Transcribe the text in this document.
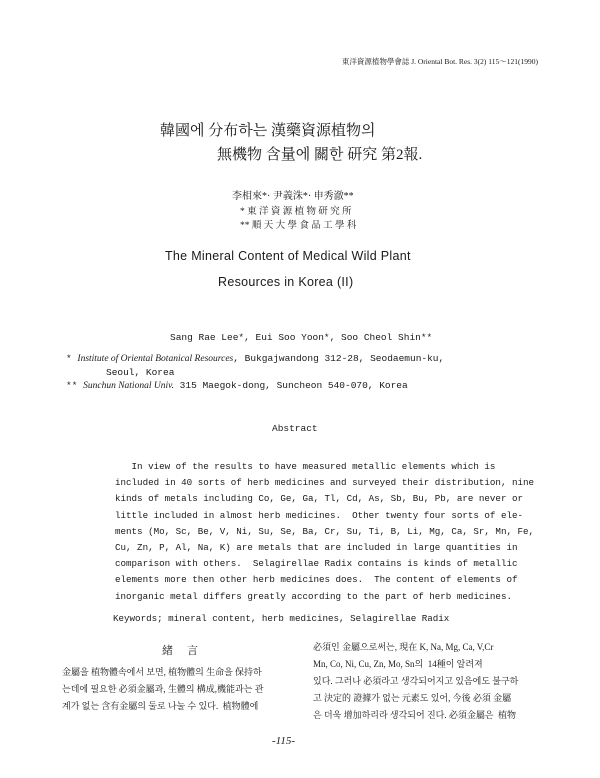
東洋資源植物學會誌 J. Oriental Bot. Res. 3(2) 115～121(1990)
韓國에 分布하는 漢藥資源植物의
無機物 含量에 關한 研究 第2報.
李相來*· 尹義洙*· 申秀澈**
* 東 洋 資 源 植 物 研 究 所
** 順 天 大 學 食 品 工 學 科
The Mineral Content of Medical Wild Plant
Resources in Korea (II)
Sang Rae Lee*, Eui Soo Yoon*, Soo Cheol Shin**
* Institute of Oriental Botanical Resources, Bukgajwandong 312-28, Seodaemun-ku,
Seoul, Korea
** Sunchun National Univ. 315 Maegok-dong, Suncheon 540-070, Korea
Abstract
In view of the results to have measured metallic elements which is
included in 40 sorts of herb medicines and surveyed their distribution, nine
kinds of metals including Co, Ge, Ga, Tl, Cd, As, Sb, Bu, Pb, are never or
little included in almost herb medicines.  Other twenty four sorts of ele-
ments (Mo, Sc, Be, V, Ni, Su, Se, Ba, Cr, Su, Ti, B, Li, Mg, Ca, Sr, Mn, Fe,
Cu, Zn, P, Al, Na, K) are metals that are included in large quantities in
comparison with others.  Selagirellae Radix contains is kinds of metallic
elements more then other herb medicines does.  The content of elements of
inorganic metal differs greatly according to the part of herb medicines.
Keywords; mineral content, herb medicines, Selagirellae Radix
緒言
金屬을 植物體속에서 보면, 植物體의 生命을 保持하
는데에 필요한 必須金屬과, 生體의 構成,機能과는 관
계가 없는 含有金屬의 둘로 나눌 수 있다.  植物體에
必須인 金屬으로써는, 現在 K, Na, Mg, Ca, V,Cr
Mn, Co, Ni, Cu, Zn, Mo, Sn의  14種이 알려져
있다. 그러나 必須라고 생각되어지고 있음에도 불구하
고 決定的 證據가 없는 元素도 있어, 今後 必須 金屬
은 더욱 增加하리라 생각되어 진다. 必須金屬은  植物
-115-
